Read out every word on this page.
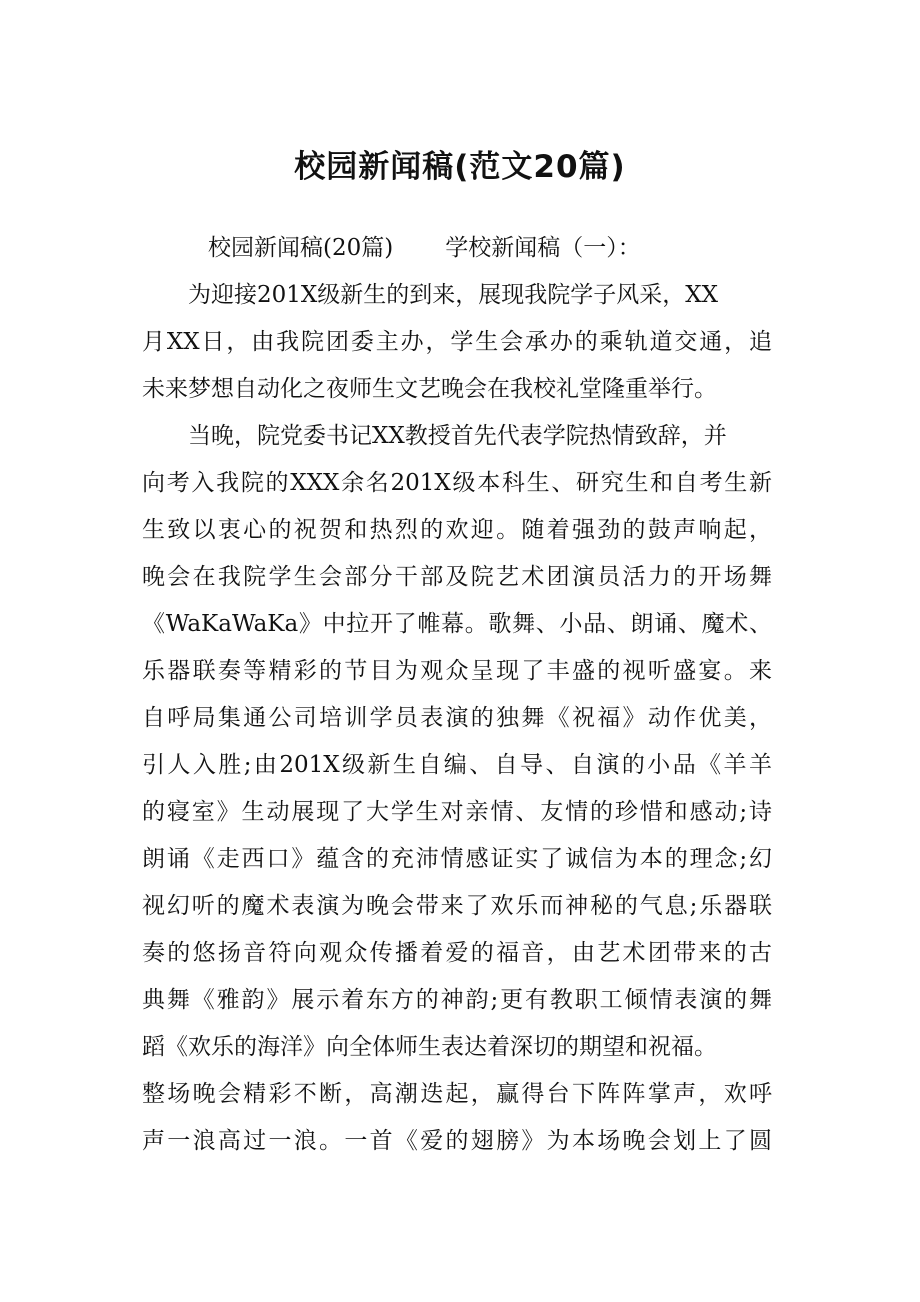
校园新闻稿(范文20篇)
校园新闻稿(20篇) 学校新闻稿（一）：
为迎接201X级新生的到来，展现我院学子风采，XX
月XX日，由我院团委主办，学生会承办的乘轨道交通，追
未来梦想自动化之夜师生文艺晚会在我校礼堂隆重举行。
当晚，院党委书记XX教授首先代表学院热情致辞，并
向考入我院的XXX余名201X级本科生、研究生和自考生新
生致以衷心的祝贺和热烈的欢迎。随着强劲的鼓声响起，
晚会在我院学生会部分干部及院艺术团演员活力的开场舞
《WaKaWaKa》中拉开了帷幕。歌舞、小品、朗诵、魔术、
乐器联奏等精彩的节目为观众呈现了丰盛的视听盛宴。来
自呼局集通公司培训学员表演的独舞《祝福》动作优美，
引人入胜;由201X级新生自编、自导、自演的小品《羊羊
的寝室》生动展现了大学生对亲情、友情的珍惜和感动;诗
朗诵《走西口》蕴含的充沛情感证实了诚信为本的理念;幻
视幻听的魔术表演为晚会带来了欢乐而神秘的气息;乐器联
奏的悠扬音符向观众传播着爱的福音，由艺术团带来的古
典舞《雅韵》展示着东方的神韵;更有教职工倾情表演的舞
蹈《欢乐的海洋》向全体师生表达着深切的期望和祝福。
整场晚会精彩不断，高潮迭起，赢得台下阵阵掌声，欢呼
声一浪高过一浪。一首《爱的翅膀》为本场晚会划上了圆
